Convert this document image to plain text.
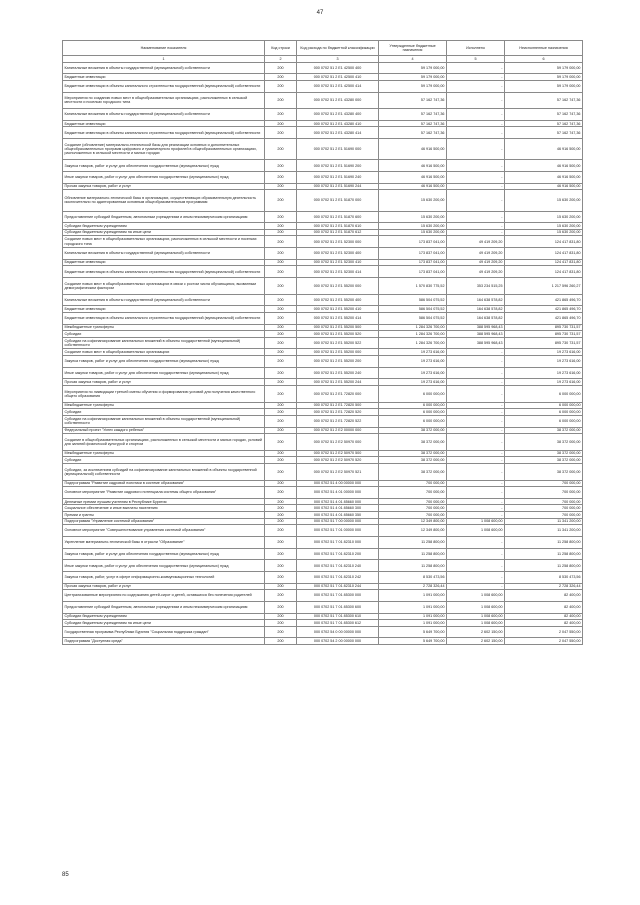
47
Наименование показателя	Код строки	Код расхода по бюджетной классификации	Утвержденные бюджетные назначения	Исполнено	Неисполненные назначения
1	2	3	4	5	6
Капитальные вложения в объекты государственной (муниципальной) собственности	200	000 0702 51 2 Е1 42500 400	59 179 000,00	-	59 179 000,00
Бюджетные инвестиции	200	000 0702 51 2 Е1 42500 410	59 179 000,00	-	59 179 000,00
Бюджетные инвестиции в объекты капитального строительства государственной (муниципальной) собственности	200	000 0702 51 2 Е1 42500 414	59 179 000,00	-	59 179 000,00
Мероприятия по созданию новых мест в общеобразовательных организациях, расположенных в сельской местности и поселках городского типа	200	000 0702 51 2 Е1 43280 000	57 162 747,36	-	57 162 747,36
Капитальные вложения в объекты государственной (муниципальной) собственности	200	000 0702 51 2 Е1 43280 400	57 162 747,36	-	57 162 747,36
Бюджетные инвестиции	200	000 0702 51 2 Е1 43280 410	57 162 747,36	-	57 162 747,36
Бюджетные инвестиции в объекты капитального строительства государственной (муниципальной) собственности	200	000 0702 51 2 Е1 43280 414	57 162 747,36	-	57 162 747,36
Создание (обновление) материально-технической базы для реализации основных и дополнительных общеобразовательных программ цифрового и гуманитарного профилей в общеобразовательных организациях, расположенных в сельской местности и малых городах	200	000 0702 51 2 Е1 51690 000	46 916 500,00	-	46 916 500,00
Закупка товаров, работ и услуг для обеспечения государственных (муниципальных) нужд	200	000 0702 51 2 Е1 51690 200	46 916 500,00	-	46 916 500,00
Иные закупки товаров, работ и услуг для обеспечения государственных (муниципальных) нужд	200	000 0702 51 2 Е1 51690 240	46 916 500,00	-	46 916 500,00
Прочая закупка товаров, работ и услуг	200	000 0702 51 2 Е1 51690 244	46 916 500,00	-	46 916 500,00
Обновление материально-технической базы в организациях, осуществляющих образовательную деятельность исключительно по адаптированным основным общеобразовательным программам	200	000 0702 51 2 Е1 51870 000	15 630 200,00	-	15 630 200,00
Предоставление субсидий бюджетным, автономным учреждениям и иным некоммерческим организациям	200	000 0702 51 2 Е1 51870 600	15 630 200,00	-	15 630 200,00
Субсидии бюджетным учреждениям	200	000 0702 51 2 Е1 51870 610	15 630 200,00	-	15 630 200,00
Субсидии бюджетным учреждениям на иные цели	200	000 0702 51 2 Е1 51870 612	15 630 200,00	-	15 630 200,00
Создание новых мест в общеобразовательных организациях, расположенных в сельской местности и поселках городского типа	200	000 0702 51 2 Е1 52300 000	173 837 041,00	49 419 209,20	124 417 831,80
Капитальные вложения в объекты государственной (муниципальной) собственности	200	000 0702 51 2 Е1 52300 400	173 837 041,00	49 419 209,20	124 417 831,80
Бюджетные инвестиции	200	000 0702 51 2 Е1 52300 410	173 837 041,00	49 419 209,20	124 417 831,80
Бюджетные инвестиции в объекты капитального строительства государственной (муниципальной) собственности	200	000 0702 51 2 Е1 52300 414	173 837 041,00	49 419 209,20	124 417 831,80
Создание новых мест в общеобразовательных организациях в связи с ростом числа обучающихся, вызванным демографическим фактором	200	000 0702 51 2 Е1 55200 000	1 570 830 775,52	353 234 515,25	1 217 596 260,27
Капитальные вложения в объекты государственной (муниципальной) собственности	200	000 0702 51 2 Е1 55200 400	586 504 075,52	164 638 578,82	421 865 496,70
Бюджетные инвестиции	200	000 0702 51 2 Е1 55200 410	586 504 075,52	164 638 578,82	421 865 496,70
Бюджетные инвестиции в объекты капитального строительства государственной (муниципальной) собственности	200	000 0702 51 2 Е1 55200 414	586 504 075,52	164 638 578,82	421 865 496,70
Межбюджетные трансферты	200	000 0702 51 2 Е1 55200 500	1 284 326 700,00	388 595 968,43	895 730 731,57
Субсидии	200	000 0702 51 2 Е1 55200 520	1 284 326 700,00	388 595 968,43	895 730 731,57
Субсидии на софинансирование капитальных вложений в объекты государственной (муниципальной) собственности	200	000 0702 51 2 Е1 55200 522	1 284 326 700,00	388 595 968,43	895 730 731,57
Создание новых мест в общеобразовательных организациях	200	000 0702 51 2 Е1 55200 000	19 273 616,00	-	19 273 616,00
Закупка товаров, работ и услуг для обеспечения государственных (муниципальных) нужд	200	000 0702 51 2 Е1 55200 200	19 273 616,00	-	19 273 616,00
Иные закупки товаров, работ и услуг для обеспечения государственных (муниципальных) нужд	200	000 0702 51 2 Е1 55200 240	19 273 616,00	-	19 273 616,00
Прочая закупка товаров, работ и услуг	200	000 0702 51 2 Е1 55200 244	19 273 616,00	-	19 273 616,00
Мероприятия по ликвидации третьей смены обучения и формированию условий для получения качественного общего образования	200	000 0702 51 2 Е1 72820 000	6 000 000,00	-	6 000 000,00
Межбюджетные трансферты	200	000 0702 51 2 Е1 72820 500	6 000 000,00	-	6 000 000,00
Субсидии	200	000 0702 51 2 Е1 72820 520	6 000 000,00	-	6 000 000,00
Субсидии на софинансирование капитальных вложений в объекты государственной (муниципальной) собственности	200	000 0702 51 2 Е1 72820 522	6 000 000,00	-	6 000 000,00
Федеральный проект "Успех каждого ребенка"	200	000 0702 51 2 Е2 00000 000	38 372 000,00	-	38 372 000,00
Создание в общеобразовательных организациях, расположенных в сельской местности и малых городах, условий для занятий физической культурой и спортом	200	000 0702 51 2 Е2 50970 000	38 372 000,00	-	38 372 000,00
Межбюджетные трансферты	200	000 0702 51 2 Е2 50970 500	38 372 000,00	-	38 372 000,00
Субсидии	200	000 0702 51 2 Е2 50970 520	38 372 000,00	-	38 372 000,00
Субсидии, за исключением субсидий на софинансирование капитальных вложений в объекты государственной (муниципальной) собственности	200	000 0702 51 2 Е2 50970 521	38 372 000,00	-	38 372 000,00
Подпрограмма "Развитие кадровой политики в системе образования"	200	000 0702 51 4 00 00000 000	700 000,00	-	700 000,00
Основное мероприятие "Развитие кадрового потенциала системы общего образования"	200	000 0702 51 4 01 00000 000	700 000,00	-	700 000,00
Денежные премии лучшим учителям в Республике Бурятия	200	000 0702 51 4 01 85660 000	700 000,00	-	700 000,00
Социальное обеспечение и иные выплаты населению	200	000 0702 51 4 01 85660 300	700 000,00	-	700 000,00
Премии и гранты	200	000 0702 51 4 01 85660 350	700 000,00	-	700 000,00
Подпрограмма "Управление системой образования"	200	000 0702 51 7 00 00000 000	12 349 800,00	1 008 600,00	11 341 200,00
Основное мероприятие "Совершенствование управления системой образования"	200	000 0702 51 7 01 00000 000	12 349 800,00	1 008 600,00	11 341 200,00
Укрепление материально-технической базы в отрасли "Образование"	200	000 0702 51 7 01 82310 000	11 258 800,00	-	11 258 800,00
Закупка товаров, работ и услуг для обеспечения государственных (муниципальных) нужд	200	000 0702 51 7 01 82310 200	11 258 800,00	-	11 258 800,00
Иные закупки товаров, работ и услуг для обеспечения государственных (муниципальных) нужд	200	000 0702 51 7 01 82310 240	11 258 800,00	-	11 258 800,00
Закупка товаров, работ, услуг в сфере информационно-коммуникационных технологий	200	000 0702 51 7 01 82310 242	8 530 473,56	-	8 530 473,56
Прочая закупка товаров, работ и услуг	200	000 0702 51 7 01 82310 244	2 728 326,44	-	2 728 326,44
Централизованные мероприятия по содержанию детей-сирот и детей, оставшихся без попечения родителей	200	000 0702 51 7 01 85300 000	1 091 000,00	1 008 600,00	82 400,00
Предоставление субсидий бюджетным, автономным учреждениям и иным некоммерческим организациям	200	000 0702 51 7 01 85300 600	1 091 000,00	1 008 600,00	82 400,00
Субсидии бюджетным учреждениям	200	000 0702 51 7 01 85300 610	1 091 000,00	1 008 600,00	82 400,00
Субсидии бюджетным учреждениям на иные цели	200	000 0702 51 7 01 85300 612	1 091 000,00	1 008 600,00	82 400,00
Государственная программа Республики Бурятия "Социальная поддержка граждан"	200	000 0702 54 0 00 00000 000	5 649 700,00	2 602 150,00	2 047 550,00
Подпрограмма "Доступная среда"	200	000 0702 54 2 00 00000 000	5 649 700,00	2 602 150,00	2 047 550,00
85
